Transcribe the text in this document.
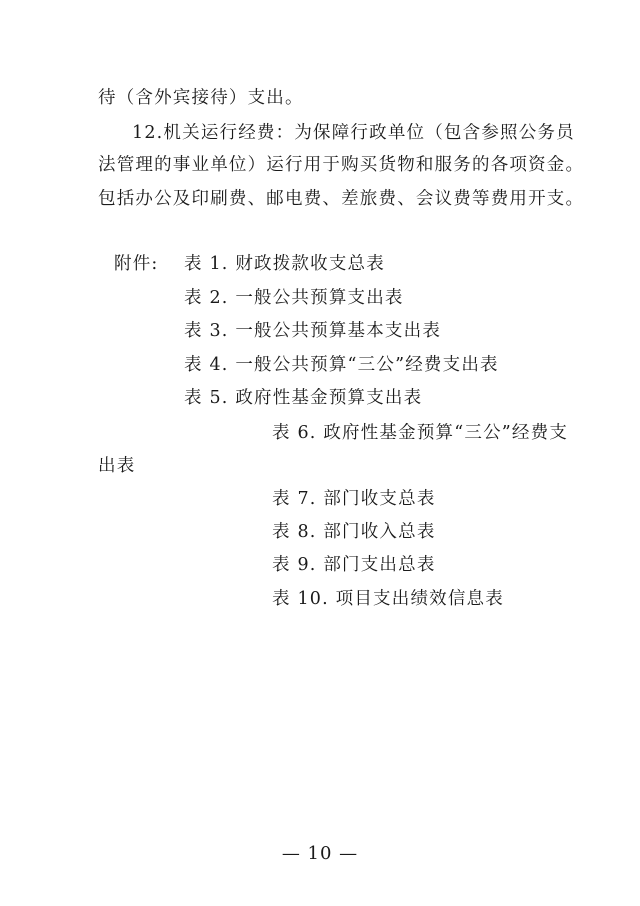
待（含外宾接待）支出。
12.机关运行经费：为保障行政单位（包含参照公务员
法管理的事业单位）运行用于购买货物和服务的各项资金。
包括办公及印刷费、邮电费、差旅费、会议费等费用开支。
附件: 表 1. 财政拨款收支总表
表 2. 一般公共预算支出表
表 3. 一般公共预算基本支出表
表 4. 一般公共预算“三公”经费支出表
表 5. 政府性基金预算支出表
表 6. 政府性基金预算“三公”经费支
出表
表 7. 部门收支总表
表 8. 部门收入总表
表 9. 部门支出总表
表 10. 项目支出绩效信息表
— 10 —
